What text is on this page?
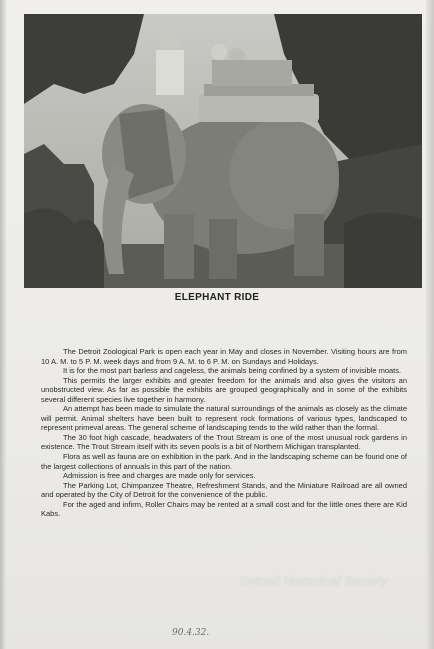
ELEPHANT RIDE

The Detroit Zoological Park is open each year in May and closes in November. Visiting hours are from 10 A. M. to 5 P. M. week days and from 9 A. M. to 6 P. M. on Sundays and Holidays.

It is for the most part barless and cageless, the animals being confined by a system of invisible moats.

This permits the larger exhibits and greater freedom for the animals and also gives the visitors an unobstructed view. As far as possible the exhibits are grouped geographically and in some of the exhibits several different species live together in harmony.

An attempt has been made to simulate the natural surroundings of the animals as closely as the climate will permit. Animal shelters have been built to represent rock formations of various types, landscaped to represent primeval areas. The general scheme of landscaping tends to the wild rather than the formal.

The 30 foot high cascade, headwaters of the Trout Stream is one of the most unusual rock gardens in existence. The Trout Stream itself with its seven pools is a bit of Northern Michigan transplanted.

Flora as well as fauna are on exhibition in the park. And in the landscaping scheme can be found one of the largest collections of annuals in this part of the nation.

Admission is free and charges are made only for services.

The Parking Lot, Chimpanzee Theatre, Refreshment Stands, and the Miniature Railroad are all owned and operated by the City of Detroit for the convenience of the public.

For the aged and infirm, Roller Chairs may be rented at a small cost and for the little ones there are Kid Kabs.

Detroit Historical Society
90.4.32.
